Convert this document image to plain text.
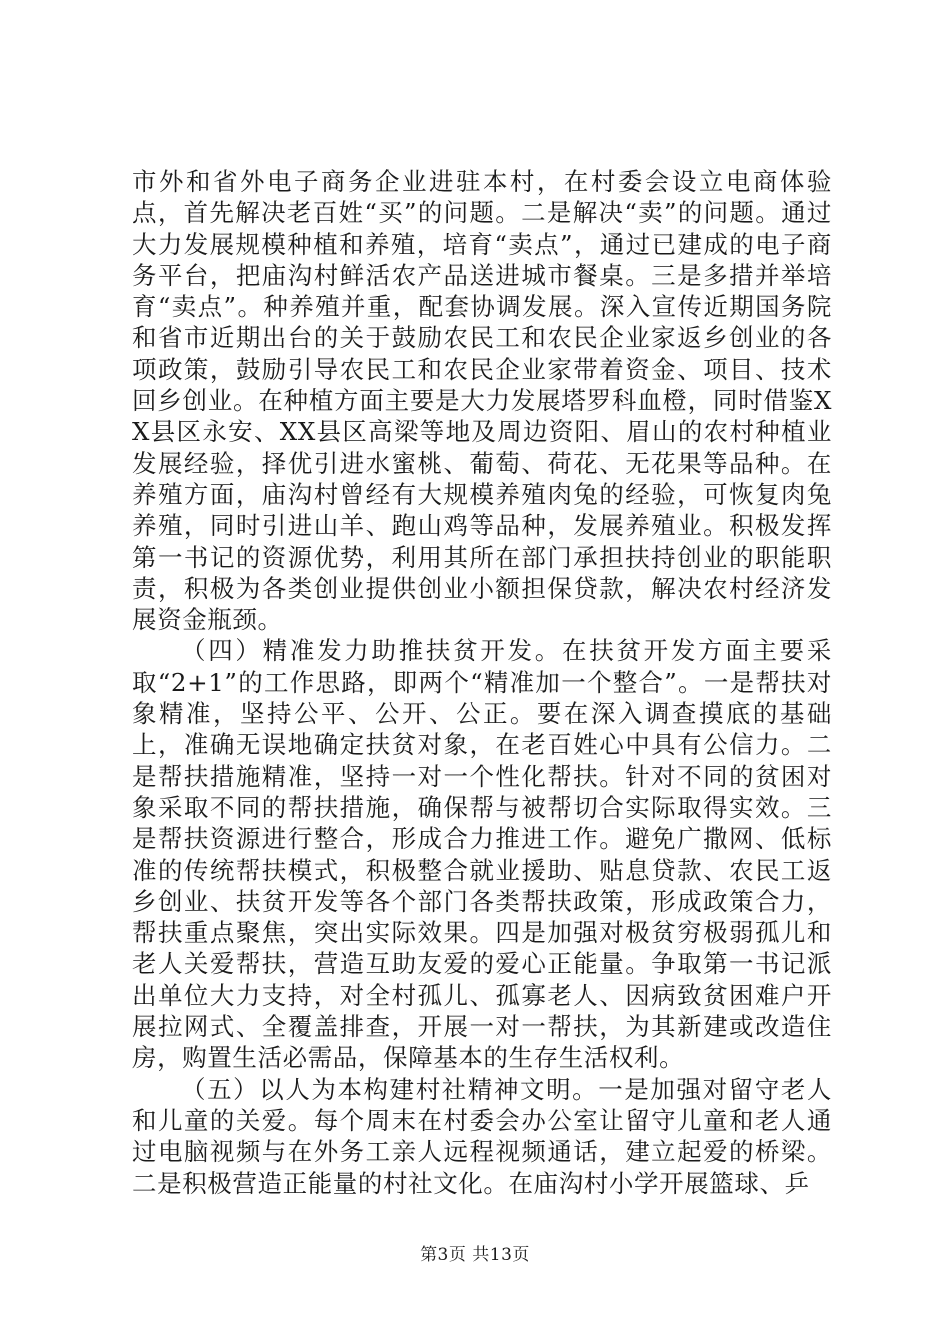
市外和省外电子商务企业进驻本村，在村委会设立电商体验点，首先解决老百姓“买”的问题。二是解决“卖”的问题。通过大力发展规模种植和养殖，培育“卖点”，通过已建成的电子商务平台，把庙沟村鲜活农产品送进城市餐桌。三是多措并举培育“卖点”。种养殖并重，配套协调发展。深入宣传近期国务院和省市近期出台的关于鼓励农民工和农民企业家返乡创业的各项政策，鼓励引导农民工和农民企业家带着资金、项目、技术回乡创业。在种植方面主要是大力发展塔罗科血橙，同时借鉴XX县区永安、XX县区高梁等地及周边资阳、眉山的农村种植业发展经验，择优引进水蜜桃、葡萄、荷花、无花果等品种。在养殖方面，庙沟村曾经有大规模养殖肉兔的经验，可恢复肉兔养殖，同时引进山羊、跑山鸡等品种，发展养殖业。积极发挥第一书记的资源优势，利用其所在部门承担扶持创业的职能职责，积极为各类创业提供创业小额担保贷款，解决农村经济发展资金瓶颈。

（四）精准发力助推扶贫开发。在扶贫开发方面主要采取“2+1”的工作思路，即两个“精准加一个整合”。一是帮扶对象精准，坚持公平、公开、公正。要在深入调查摸底的基础上，准确无误地确定扶贫对象，在老百姓心中具有公信力。二是帮扶措施精准，坚持一对一个性化帮扶。针对不同的贫困对象采取不同的帮扶措施，确保帮与被帮切合实际取得实效。三是帮扶资源进行整合，形成合力推进工作。避免广撒网、低标准的传统帮扶模式，积极整合就业援助、贴息贷款、农民工返乡创业、扶贫开发等各个部门各类帮扶政策，形成政策合力，帮扶重点聚焦，突出实际效果。四是加强对极贫穷极弱孤儿和老人关爱帮扶，营造互助友爱的爱心正能量。争取第一书记派出单位大力支持，对全村孤儿、孤寡老人、因病致贫困难户开展拉网式、全覆盖排查，开展一对一帮扶，为其新建或改造住房，购置生活必需品，保障基本的生存生活权利。

（五）以人为本构建村社精神文明。一是加强对留守老人和儿童的关爱。每个周末在村委会办公室让留守儿童和老人通过电脑视频与在外务工亲人远程视频通话，建立起爱的桥梁。二是积极营造正能量的村社文化。在庙沟村小学开展篮球、乒

第3页 共13页
